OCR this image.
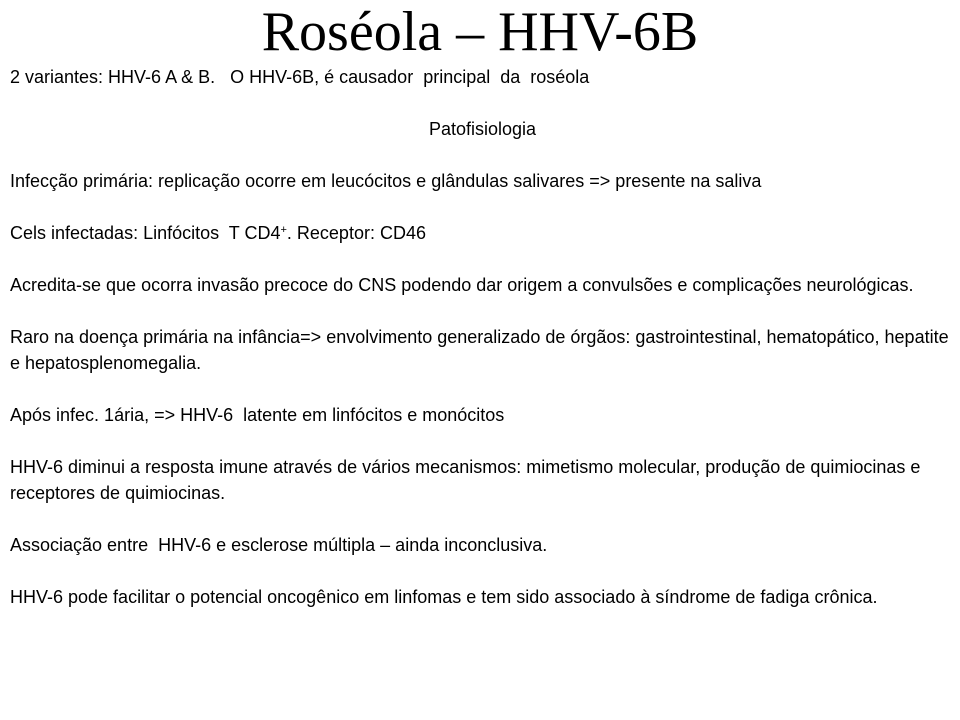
Roséola – HHV-6B

2 variantes: HHV-6 A & B.   O HHV-6B, é causador  principal  da  roséola

Patofisiologia

Infecção primária: replicação ocorre em leucócitos e glândulas salivares => presente na saliva

Cels infectadas: Linfócitos  T CD4+. Receptor: CD46

Acredita-se que ocorra invasão precoce do CNS podendo dar origem a convulsões e complicações neurológicas.

Raro na doença primária na infância=> envolvimento generalizado de órgãos: gastrointestinal, hematopático, hepatite e hepatosplenomegalia.

Após infec. 1ária, => HHV-6  latente em linfócitos e monócitos

HHV-6 diminui a resposta imune através de vários mecanismos: mimetismo molecular, produção de quimiocinas e receptores de quimiocinas.

Associação entre  HHV-6 e esclerose múltipla – ainda inconclusiva.

HHV-6 pode facilitar o potencial oncogênico em linfomas e tem sido associado à síndrome de fadiga crônica.
